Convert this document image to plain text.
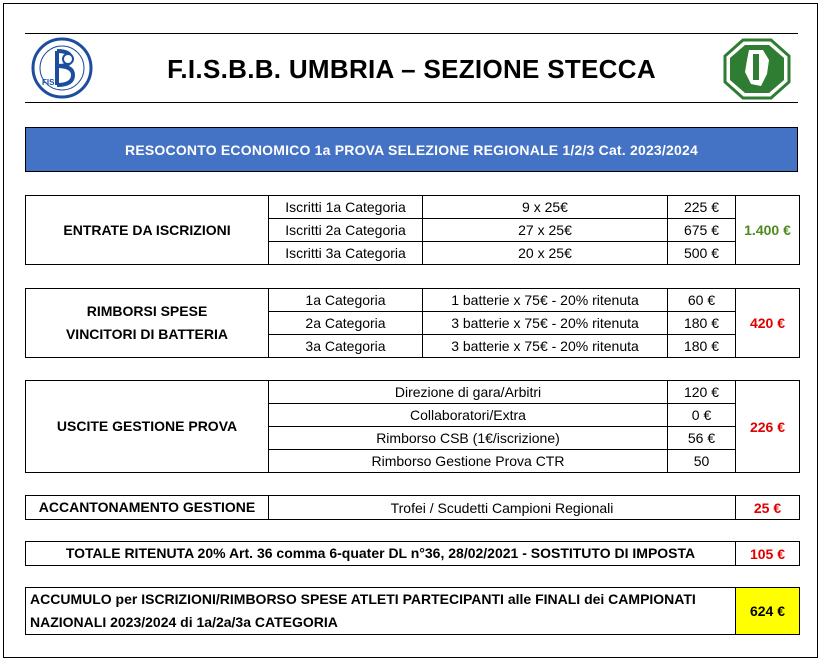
FIS	F.I.S.B.B. UMBRIA – SEZIONE STECCA
RESOCONTO ECONOMICO 1a PROVA SELEZIONE REGIONALE 1/2/3 Cat. 2023/2024
ENTRATE DA ISCRIZIONI	Iscritti 1a Categoria	9 x 25€	225 €	1.400 €
	Iscritti 2a Categoria	27 x 25€	675 €	
	Iscritti 3a Categoria	20 x 25€	500 €	
RIMBORSI SPESE
VINCITORI DI BATTERIA	1a Categoria	1 batterie x 75€ - 20% ritenuta	60 €	420 €
	2a Categoria	3 batterie x 75€ - 20% ritenuta	180 €	
	3a Categoria	3 batterie x 75€ - 20% ritenuta	180 €	
USCITE GESTIONE PROVA	Direzione di gara/Arbitri	120 €	226 €
	Collaboratori/Extra	0 €	
	Rimborso CSB (1€/iscrizione)	56 €	
	Rimborso Gestione Prova CTR	50	
ACCANTONAMENTO GESTIONE	Trofei / Scudetti Campioni Regionali	25 €
TOTALE RITENUTA 20% Art. 36 comma 6-quater DL n°36, 28/02/2021 - SOSTITUTO DI IMPOSTA	105 €
ACCUMULO per ISCRIZIONI/RIMBORSO SPESE ATLETI PARTECIPANTI alle FINALI dei CAMPIONATI
NAZIONALI 2023/2024 di 1a/2a/3a CATEGORIA	624 €
